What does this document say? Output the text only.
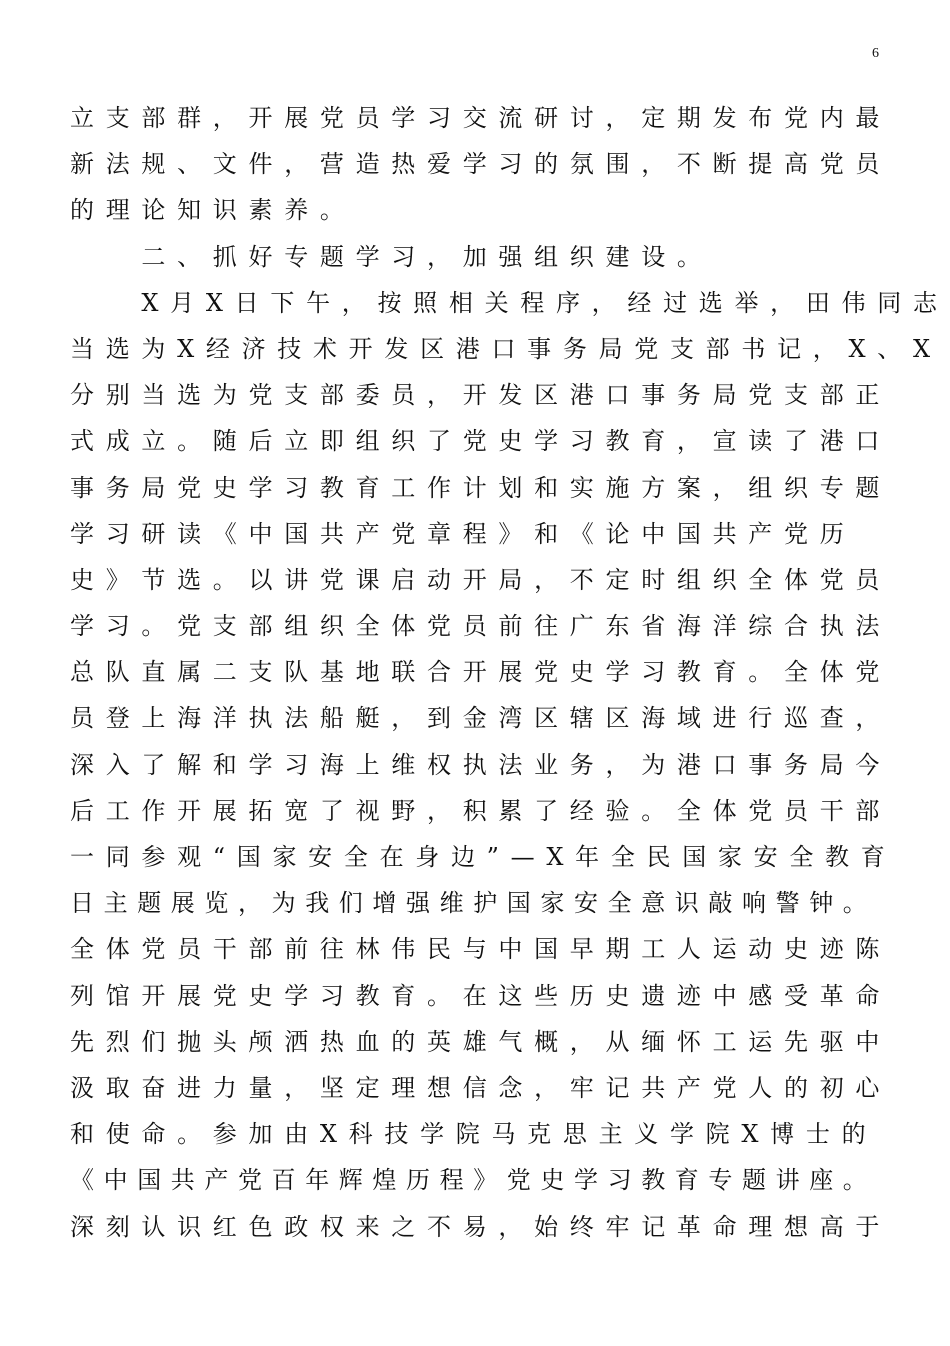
6
立支部群，开展党员学习交流研讨，定期发布党内最
新法规、文件，营造热爱学习的氛围，不断提高党员
的理论知识素养。
　　二、抓好专题学习，加强组织建设。
　　X月X日下午，按照相关程序，经过选举，田伟同志
当选为X经济技术开发区港口事务局党支部书记，X、X
分别当选为党支部委员，开发区港口事务局党支部正
式成立。随后立即组织了党史学习教育，宣读了港口
事务局党史学习教育工作计划和实施方案，组织专题
学习研读《中国共产党章程》和《论中国共产党历
史》节选。以讲党课启动开局，不定时组织全体党员
学习。党支部组织全体党员前往广东省海洋综合执法
总队直属二支队基地联合开展党史学习教育。全体党
员登上海洋执法船艇，到金湾区辖区海域进行巡查，
深入了解和学习海上维权执法业务，为港口事务局今
后工作开展拓宽了视野，积累了经验。全体党员干部
一同参观“国家安全在身边”—X年全民国家安全教育
日主题展览，为我们增强维护国家安全意识敲响警钟。
全体党员干部前往林伟民与中国早期工人运动史迹陈
列馆开展党史学习教育。在这些历史遗迹中感受革命
先烈们抛头颅洒热血的英雄气概，从缅怀工运先驱中
汲取奋进力量，坚定理想信念，牢记共产党人的初心
和使命。参加由X科技学院马克思主义学院X博士的
《中国共产党百年辉煌历程》党史学习教育专题讲座。
深刻认识红色政权来之不易，始终牢记革命理想高于
